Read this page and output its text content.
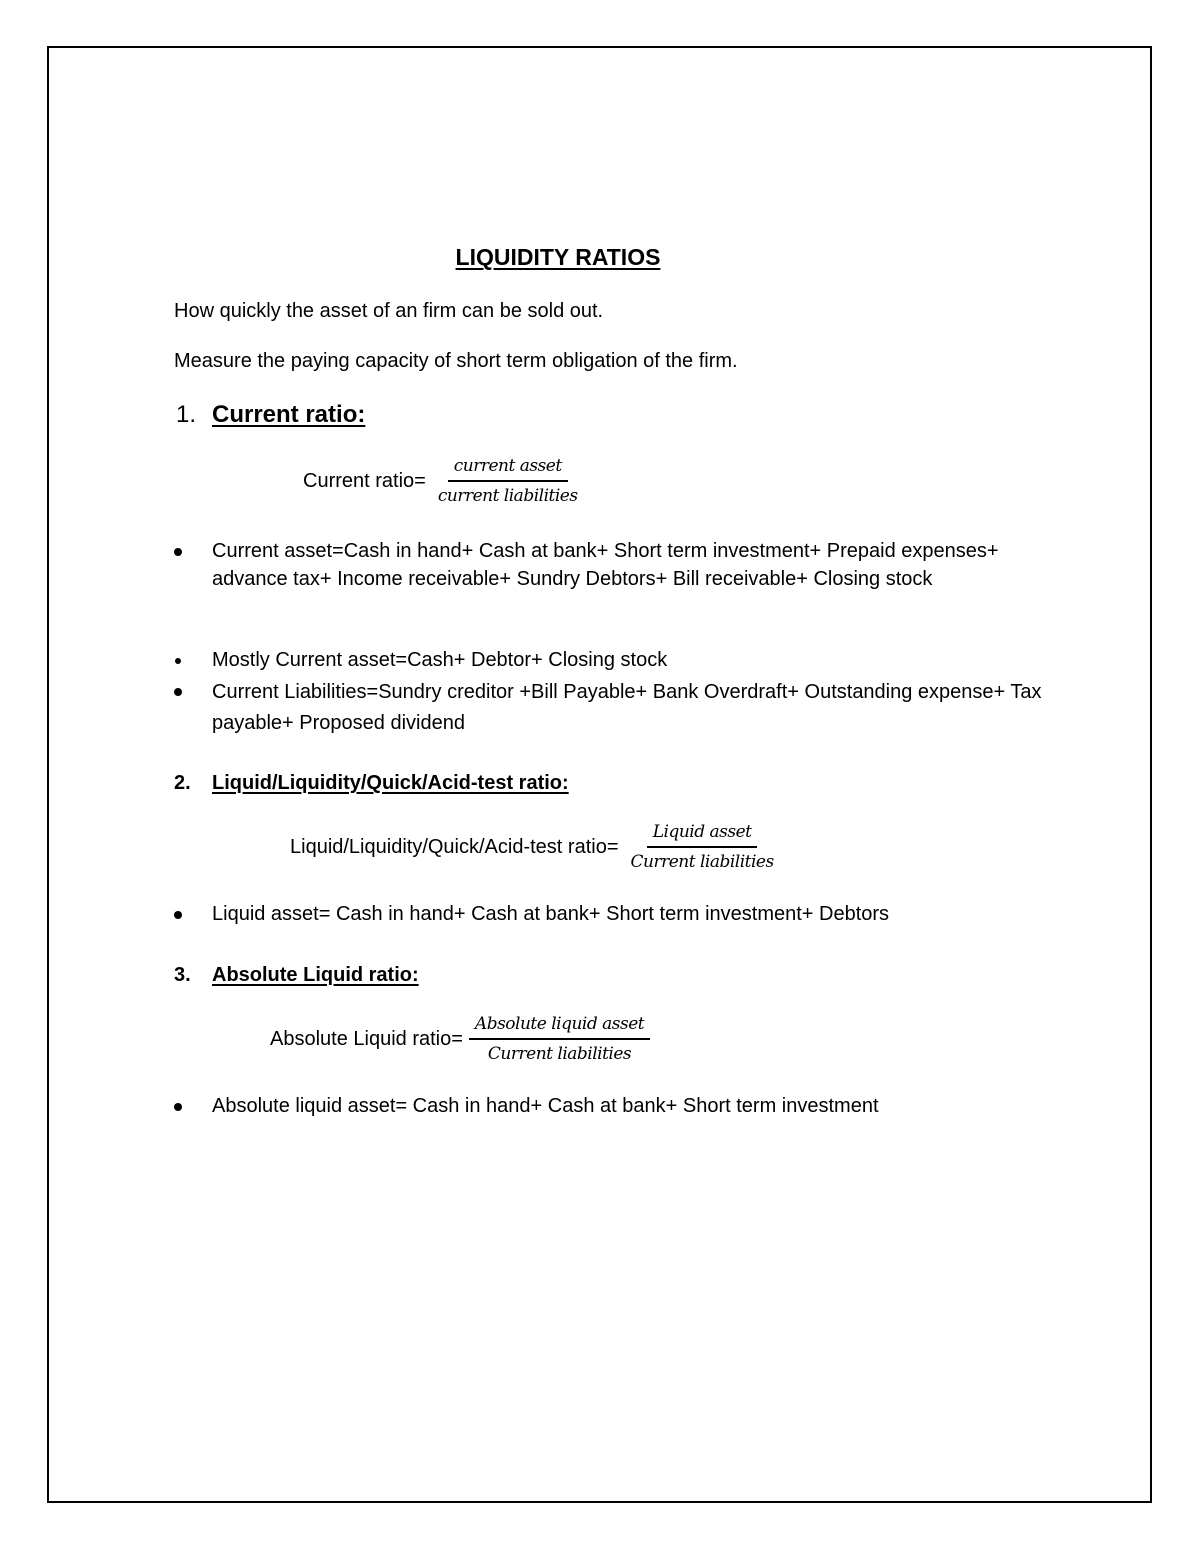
LIQUIDITY RATIOS
How quickly the asset of an firm can be sold out.
Measure the paying capacity of short term obligation of the firm.
1. Current ratio:
Current ratio= $\frac{\text{current asset}}{\text{current liabilities}}$
Current asset=Cash in hand+ Cash at bank+ Short term investment+ Prepaid expenses+ advance tax+ Income receivable+ Sundry Debtors+ Bill receivable+ Closing stock
Mostly Current asset=Cash+ Debtor+ Closing stock
Current Liabilities=Sundry creditor +Bill Payable+ Bank Overdraft+ Outstanding expense+ Tax payable+ Proposed dividend
2. Liquid/Liquidity/Quick/Acid-test ratio:
Liquid/Liquidity/Quick/Acid-test ratio= $\frac{\text{Liquid asset}}{\text{Current liabilities}}$
Liquid asset= Cash in hand+ Cash at bank+ Short term investment+ Debtors
3. Absolute Liquid ratio:
Absolute Liquid ratio= $\frac{\text{Absolute liquid asset}}{\text{Current liabilities}}$
Absolute liquid asset= Cash in hand+ Cash at bank+ Short term investment
